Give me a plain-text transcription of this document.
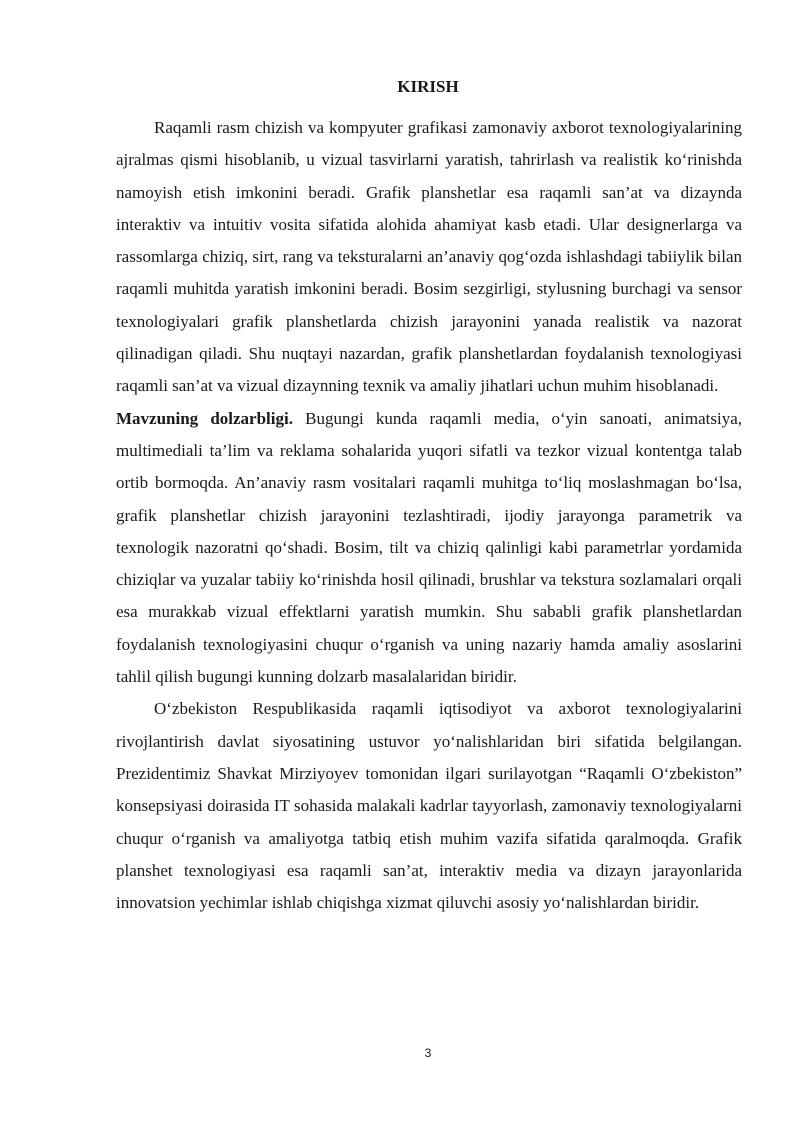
KIRISH

Raqamli rasm chizish va kompyuter grafikasi zamonaviy axborot texnologiyalarining ajralmas qismi hisoblanib, u vizual tasvirlarni yaratish, tahrirlash va realistik ko‘rinishda namoyish etish imkonini beradi. Grafik planshetlar esa raqamli san’at va dizaynda interaktiv va intuitiv vosita sifatida alohida ahamiyat kasb etadi. Ular designerlarga va rassomlarga chiziq, sirt, rang va teksturalarni an’anaviy qog‘ozda ishlashdagi tabiiylik bilan raqamli muhitda yaratish imkonini beradi. Bosim sezgirligi, stylusning burchagi va sensor texnologiyalari grafik planshetlarda chizish jarayonini yanada realistik va nazorat qilinadigan qiladi. Shu nuqtayi nazardan, grafik planshetlardan foydalanish texnologiyasi raqamli san’at va vizual dizaynning texnik va amaliy jihatlari uchun muhim hisoblanadi.

Mavzuning dolzarbligi. Bugungi kunda raqamli media, o‘yin sanoati, animatsiya, multimediali ta’lim va reklama sohalarida yuqori sifatli va tezkor vizual kontentga talab ortib bormoqda. An’anaviy rasm vositalari raqamli muhitga to‘liq moslashmagan bo‘lsa, grafik planshetlar chizish jarayonini tezlashtiradi, ijodiy jarayonga parametrik va texnologik nazoratni qo‘shadi. Bosim, tilt va chiziq qalinligi kabi parametrlar yordamida chiziqlar va yuzalar tabiiy ko‘rinishda hosil qilinadi, brushlar va tekstura sozlamalari orqali esa murakkab vizual effektlarni yaratish mumkin. Shu sababli grafik planshetlardan foydalanish texnologiyasini chuqur o‘rganish va uning nazariy hamda amaliy asoslarini tahlil qilish bugungi kunning dolzarb masalalaridan biridir.

O‘zbekiston Respublikasida raqamli iqtisodiyot va axborot texnologiyalarini rivojlantirish davlat siyosatining ustuvor yo‘nalishlaridan biri sifatida belgilangan. Prezidentimiz Shavkat Mirziyoyev tomonidan ilgari surilayotgan “Raqamli O‘zbekiston” konsepsiyasi doirasida IT sohasida malakali kadrlar tayyorlash, zamonaviy texnologiyalarni chuqur o‘rganish va amaliyotga tatbiq etish muhim vazifa sifatida qaralmoqda. Grafik planshet texnologiyasi esa raqamli san’at, interaktiv media va dizayn jarayonlarida innovatsion yechimlar ishlab chiqishga xizmat qiluvchi asosiy yo‘nalishlardan biridir.

3
